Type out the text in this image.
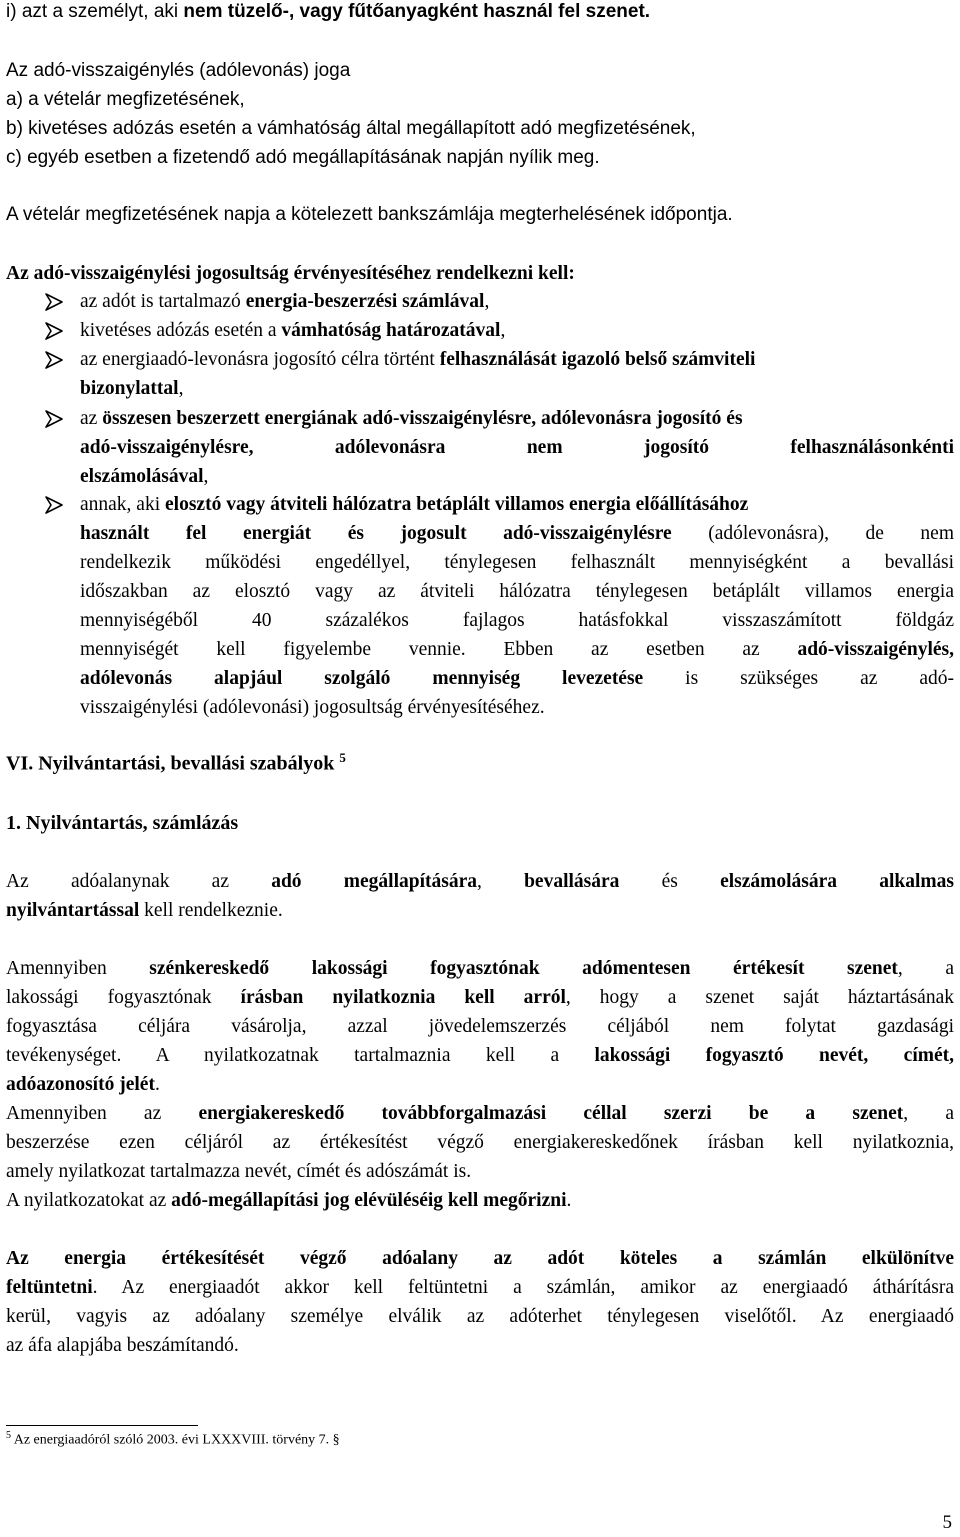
i) azt a személyt, aki nem tüzelő-, vagy fűtőanyagként használ fel szenet.
Az adó-visszaigénylés (adólevonás) joga
a) a vételár megfizetésének,
b) kivetéses adózás esetén a vámhatóság által megállapított adó megfizetésének,
c) egyéb esetben a fizetendő adó megállapításának napján nyílik meg.
A vételár megfizetésének napja a kötelezett bankszámlája megterhelésének időpontja.
Az adó-visszaigénylési jogosultság érvényesítéséhez rendelkezni kell:
az adót is tartalmazó energia-beszerzési számlával,
kivetéses adózás esetén a vámhatóság határozatával,
az energiaadó-levonásra jogosító célra történt felhasználását igazoló belső számviteli
bizonylattal,
az összesen beszerzett energiának adó-visszaigénylésre, adólevonásra jogosító és
adó-visszaigénylésre, adólevonásra nem jogosító felhasználásonkénti
elszámolásával,
annak, aki elosztó vagy átviteli hálózatra betáplált villamos energia előállításához
használt fel energiát és jogosult adó-visszaigénylésre (adólevonásra), de nem
rendelkezik működési engedéllyel, ténylegesen felhasznált mennyiségként a bevallási
időszakban az elosztó vagy az átviteli hálózatra ténylegesen betáplált villamos energia
mennyiségéből 40 százalékos fajlagos hatásfokkal visszaszámított földgáz
mennyiségét kell figyelembe vennie. Ebben az esetben az adó-visszaigénylés,
adólevonás alapjául szolgáló mennyiség levezetése is szükséges az adó-
visszaigénylési (adólevonási) jogosultság érvényesítéséhez.
VI. Nyilvántartási, bevallási szabályok $^5$
1. Nyilvántartás, számlázás
Az adóalanynak az adó megállapítására, bevallására és elszámolására alkalmas
nyilvántartással kell rendelkeznie.
Amennyiben szénkereskedő lakossági fogyasztónak adómentesen értékesít szenet, a
lakossági fogyasztónak írásban nyilatkoznia kell arról, hogy a szenet saját háztartásának
fogyasztása céljára vásárolja, azzal jövedelemszerzés céljából nem folytat gazdasági
tevékenységet. A nyilatkozatnak tartalmaznia kell a lakossági fogyasztó nevét, címét,
adóazonosító jelét.
Amennyiben az energiakereskedő továbbforgalmazási céllal szerzi be a szenet, a
beszerzése ezen céljáról az értékesítést végző energiakereskedőnek írásban kell nyilatkoznia,
amely nyilatkozat tartalmazza nevét, címét és adószámát is.
A nyilatkozatokat az adó-megállapítási jog elévüléséig kell megőrizni.
Az energia értékesítését végző adóalany az adót köteles a számlán elkülönítve
feltüntetni. Az energiaadót akkor kell feltüntetni a számlán, amikor az energiaadó áthárításra
kerül, vagyis az adóalany személye elválik az adóterhet ténylegesen viselőtől. Az energiaadó
az áfa alapjába beszámítandó.
$^5$ Az energiaadóról szóló 2003. évi LXXXVIII. törvény 7. §
5
